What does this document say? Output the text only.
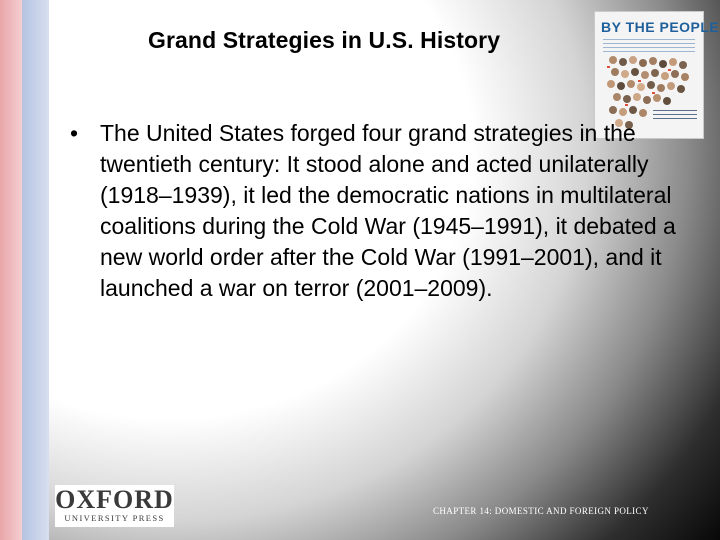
Grand Strategies in U.S. History	BY THE PEOPLE
• The United States forged four grand strategies in the twentieth century: It stood alone and acted unilaterally (1918–1939), it led the democratic nations in multilateral coalitions during the Cold War (1945–1991), it debated a new world order after the Cold War (1991–2001), and it launched a war on terror (2001–2009).
OXFORD
UNIVERSITY PRESS
CHAPTER 14: DOMESTIC AND FOREIGN POLICY
